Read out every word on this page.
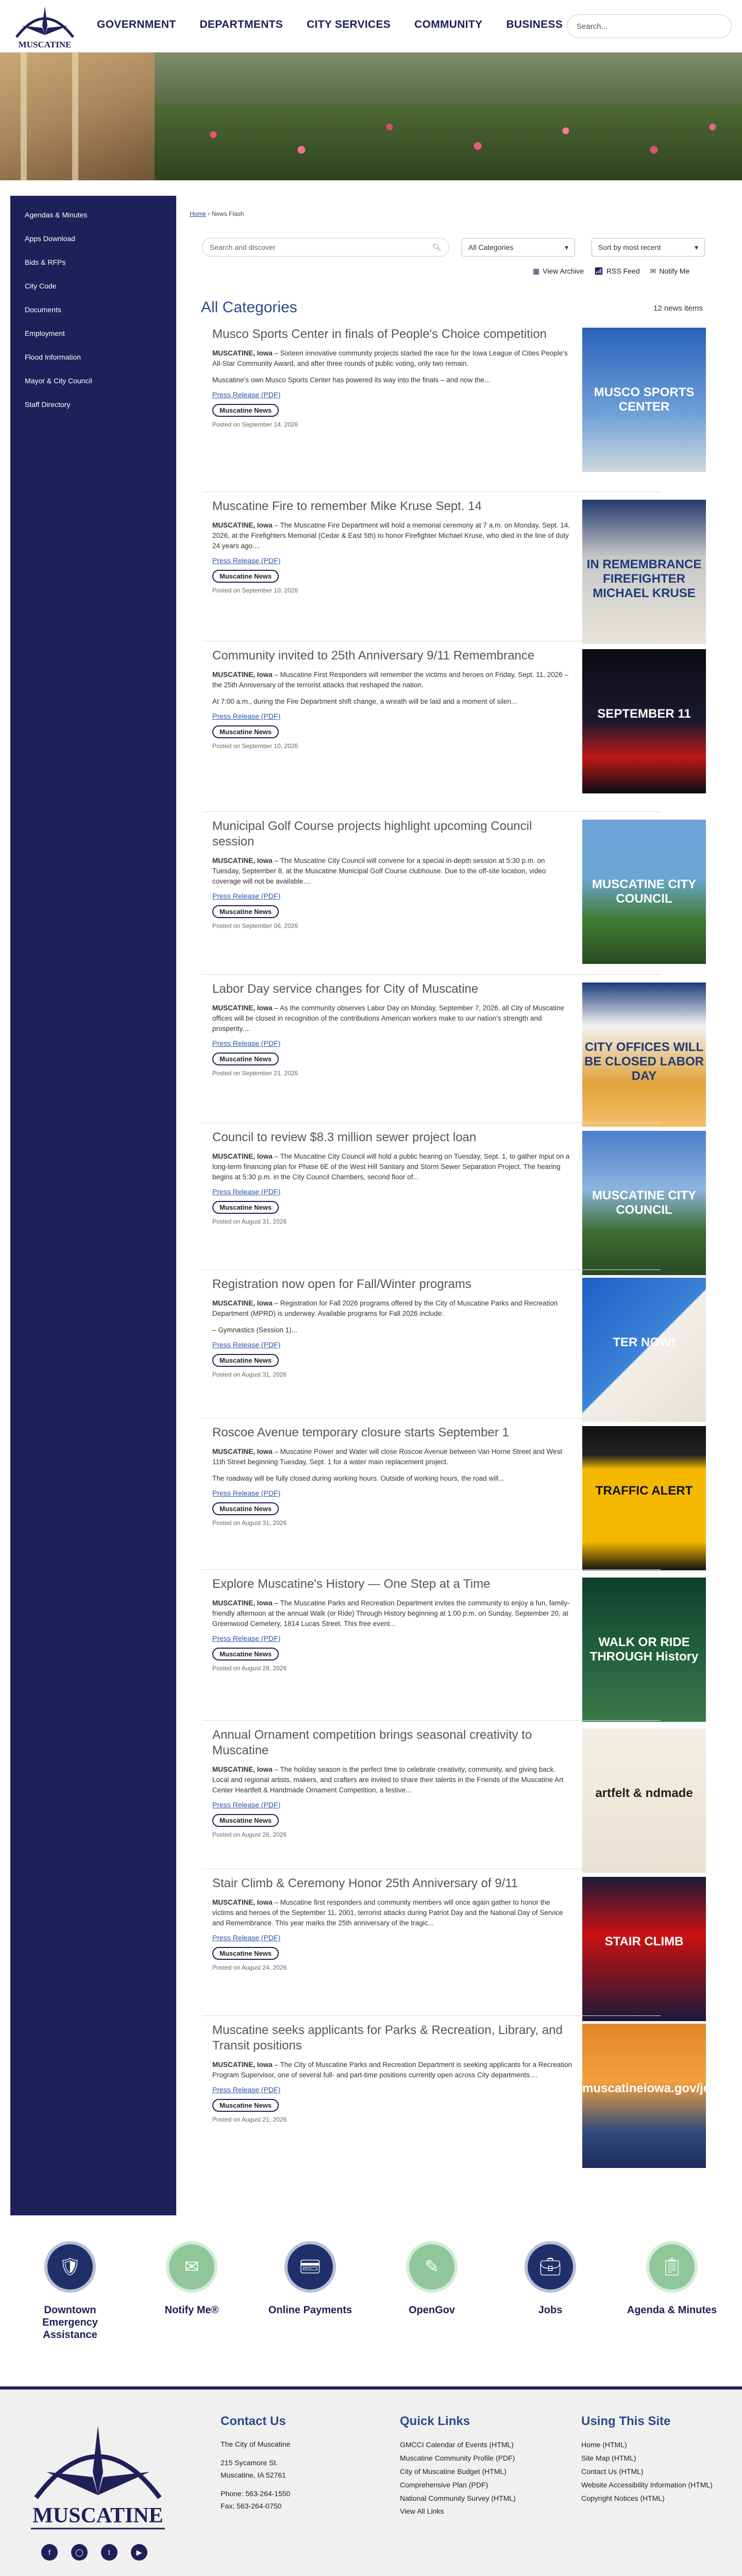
MUSCATINE
GOVERNMENT DEPARTMENTS CITY SERVICES COMMUNITY BUSINESS Search...
Agendas & Minutes
Apps Download
Bids & RFPs
City Code
Documents
Employment
Flood Information
Mayor & City Council
Staff Directory
Home › News Flash
Search and discover	🔍︎	All Categories	▾	Sort by most recent	▾
▦ View Archive 📶︎ RSS Feed ✉ Notify Me
All Categories	12 news items
Musco Sports Center in finals of People's Choice competition
MUSCATINE, Iowa – Sixteen innovative community projects started the race for the Iowa League of Cities People's All-Star Community Award, and after three rounds of public voting, only two remain.
Muscatine's own Musco Sports Center has powered its way into the finals – and now the...
Press Release (PDF)
Muscatine News
Posted on September 14, 2026
MUSCO SPORTS CENTER
Muscatine Fire to remember Mike Kruse Sept. 14
MUSCATINE, Iowa – The Muscatine Fire Department will hold a memorial ceremony at 7 a.m. on Monday, Sept. 14, 2026, at the Firefighters Memorial (Cedar & East 5th) to honor Firefighter Michael Kruse, who died in the line of duty 24 years ago....
Press Release (PDF)
Muscatine News
Posted on September 10, 2026
IN REMEMBRANCE FIREFIGHTER MICHAEL KRUSE
Community invited to 25th Anniversary 9/11 Remembrance
MUSCATINE, Iowa – Muscatine First Responders will remember the victims and heroes on Friday, Sept. 11, 2026 – the 25th Anniversary of the terrorist attacks that reshaped the nation.
At 7:00 a.m., during the Fire Department shift change, a wreath will be laid and a moment of silen...
Press Release (PDF)
Muscatine News
Posted on September 10, 2026
SEPTEMBER 11
Municipal Golf Course projects highlight upcoming Council session
MUSCATINE, Iowa – The Muscatine City Council will convene for a special in-depth session at 5:30 p.m. on Tuesday, September 8, at the Muscatine Municipal Golf Course clubhouse. Due to the off-site location, video coverage will not be available....
Press Release (PDF)
Muscatine News
Posted on September 06, 2026
MUSCATINE CITY COUNCIL
Labor Day service changes for City of Muscatine
MUSCATINE, Iowa – As the community observes Labor Day on Monday, September 7, 2026, all City of Muscatine offices will be closed in recognition of the contributions American workers make to our nation's strength and prosperity....
Press Release (PDF)
Muscatine News
Posted on September 21, 2026
CITY OFFICES WILL BE CLOSED LABOR DAY
Council to review $8.3 million sewer project loan
MUSCATINE, Iowa – The Muscatine City Council will hold a public hearing on Tuesday, Sept. 1, to gather input on a long-term financing plan for Phase 6E of the West Hill Sanitary and Storm Sewer Separation Project. The hearing begins at 5:30 p.m. in the City Council Chambers, second floor of...
Press Release (PDF)
Muscatine News
Posted on August 31, 2026
MUSCATINE CITY COUNCIL
Registration now open for Fall/Winter programs
MUSCATINE, Iowa – Registration for Fall 2026 programs offered by the City of Muscatine Parks and Recreation Department (MPRD) is underway. Available programs for Fall 2026 include:
– Gymnastics (Session 1)...
Press Release (PDF)
Muscatine News
Posted on August 31, 2026
TER NOW!
Roscoe Avenue temporary closure starts September 1
MUSCATINE, Iowa – Muscatine Power and Water will close Roscoe Avenue between Van Horne Street and West 11th Street beginning Tuesday, Sept. 1 for a water main replacement project.
The roadway will be fully closed during working hours. Outside of working hours, the road will...
Press Release (PDF)
Muscatine News
Posted on August 31, 2026
TRAFFIC ALERT
Explore Muscatine's History — One Step at a Time
MUSCATINE, Iowa – The Muscatine Parks and Recreation Department invites the community to enjoy a fun, family-friendly afternoon at the annual Walk (or Ride) Through History beginning at 1:00 p.m. on Sunday, September 20, at Greenwood Cemetery, 1814 Lucas Street. This free event...
Press Release (PDF)
Muscatine News
Posted on August 28, 2026
WALK OR RIDE THROUGH History
Annual Ornament competition brings seasonal creativity to Muscatine
MUSCATINE, Iowa – The holiday season is the perfect time to celebrate creativity, community, and giving back. Local and regional artists, makers, and crafters are invited to share their talents in the Friends of the Muscatine Art Center Heartfelt & Handmade Ornament Competition, a festive...
Press Release (PDF)
Muscatine News
Posted on August 26, 2026
artfelt & ndmade
Stair Climb & Ceremony Honor 25th Anniversary of 9/11
MUSCATINE, Iowa – Muscatine first responders and community members will once again gather to honor the victims and heroes of the September 11, 2001, terrorist attacks during Patriot Day and the National Day of Service and Remembrance. This year marks the 25th anniversary of the tragic...
Press Release (PDF)
Muscatine News
Posted on August 24, 2026
STAIR CLIMB
Muscatine seeks applicants for Parks & Recreation, Library, and Transit positions
MUSCATINE, Iowa – The City of Muscatine Parks and Recreation Department is seeking applicants for a Recreation Program Supervisor, one of several full- and part-time positions currently open across City departments....
Press Release (PDF)
Muscatine News
Posted on August 21, 2026
muscatineiowa.gov/jobs
🛡︎
Downtown Emergency Assistance
✉
Notify Me®
💳︎
Online Payments
✎
OpenGov
💼︎
Jobs
📋︎
Agenda & Minutes
MUSCATINE
f	◯	t	▶
Contact Us
The City of Muscatine
215 Sycamore St.
Muscatine, IA 52761
Phone: 563-264-1550
Fax: 563-264-0750
Quick Links
GMCCI Calendar of Events (HTML)
Muscatine Community Profile (PDF)
City of Muscatine Budget (HTML)
Comprehensive Plan (PDF)
National Community Survey (HTML)
View All Links
Using This Site
Home (HTML)
Site Map (HTML)
Contact Us (HTML)
Website Accessibility Information (HTML)
Copyright Notices (HTML)
